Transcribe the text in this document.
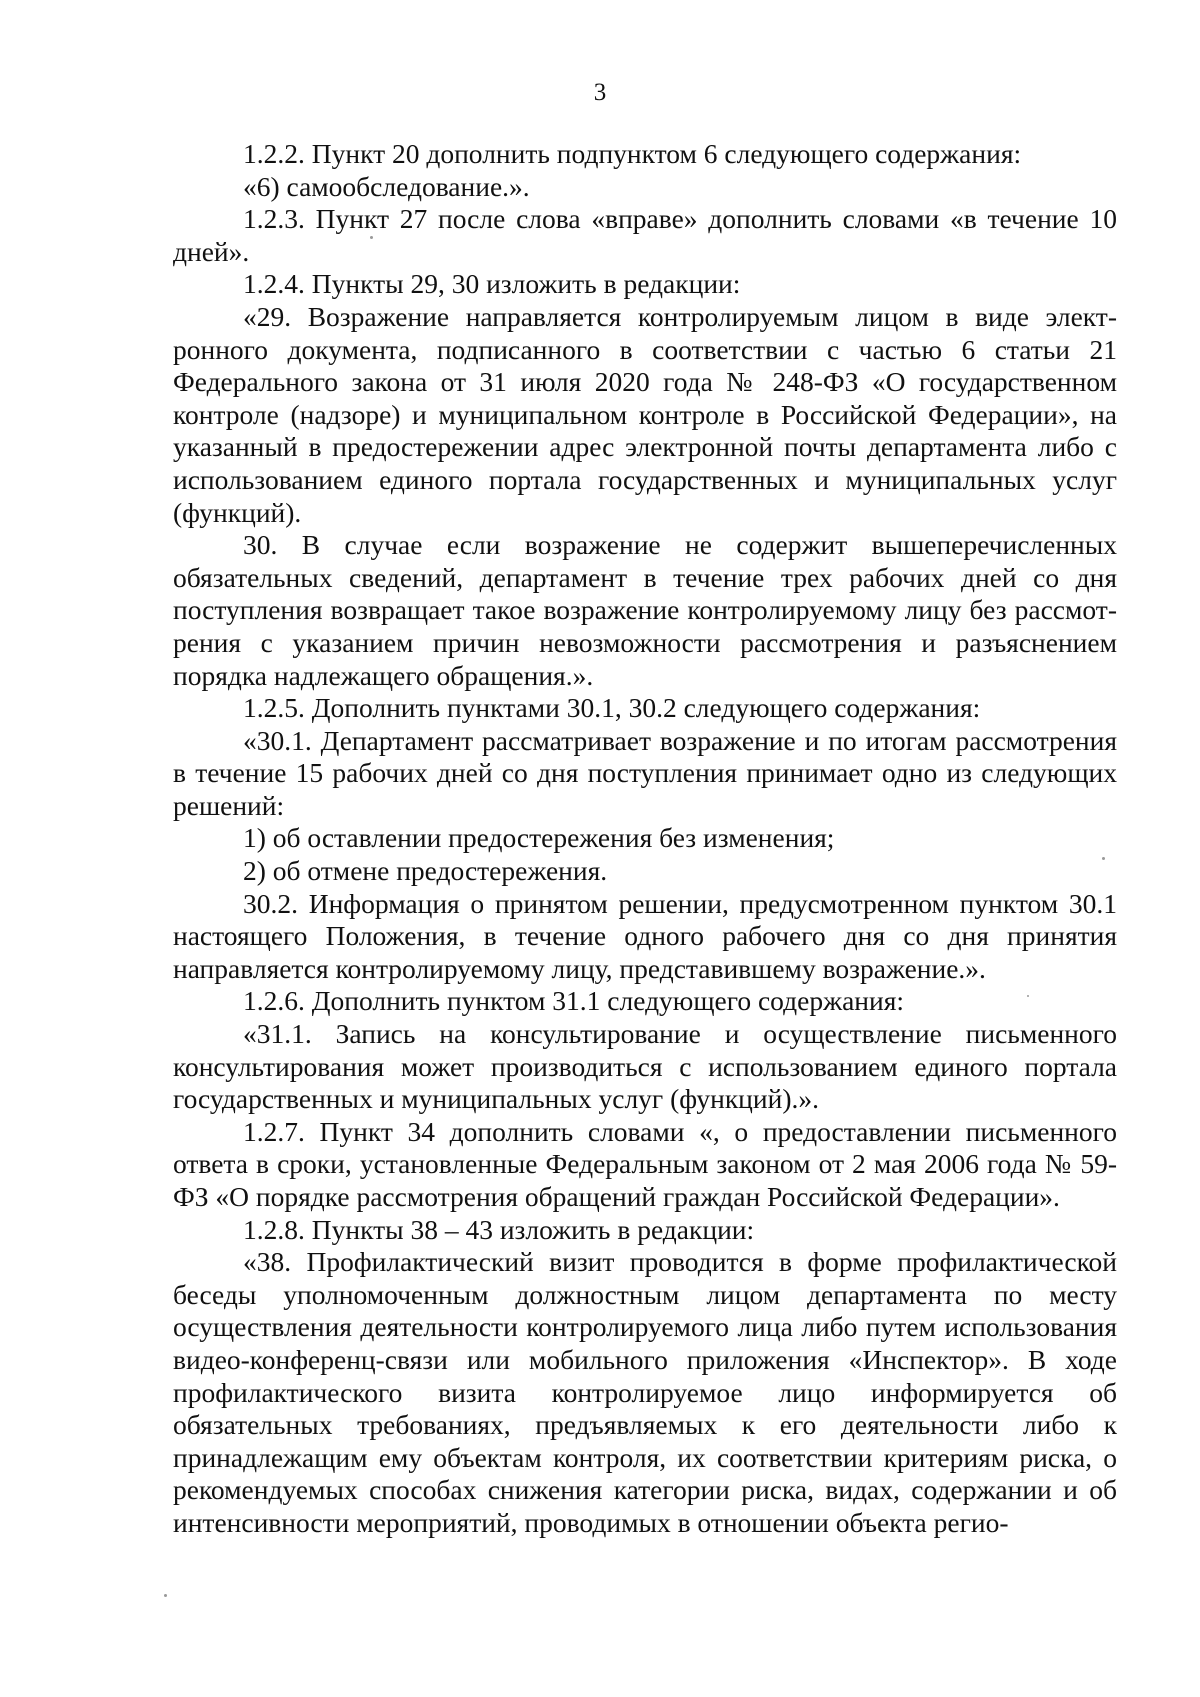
3

1.2.2. Пункт 20 дополнить подпунктом 6 следующего содержания:

«6) самообследование.».

1.2.3. Пункт 27 после слова «вправе» дополнить словами «в течение 10 дней».

1.2.4. Пункты 29, 30 изложить в редакции:

«29. Возражение направляется контролируемым лицом в виде электронного документа, подписанного в соответствии с частью 6 статьи 21 Федерального закона от 31 июля 2020 года № 248-ФЗ «О государственном контроле (надзоре) и муниципальном контроле в Российской Федерации», на указанный в предостережении адрес электронной почты департамента либо с использованием единого портала государственных и муниципальных услуг (функций).

30. В случае если возражение не содержит вышеперечисленных обязательных сведений, департамент в течение трех рабочих дней со дня поступления возвращает такое возражение контролируемому лицу без рассмотрения с указанием причин невозможности рассмотрения и разъяснением порядка надлежащего обращения.».

1.2.5. Дополнить пунктами 30.1, 30.2 следующего содержания:

«30.1. Департамент рассматривает возражение и по итогам рассмотрения в течение 15 рабочих дней со дня поступления принимает одно из следующих решений:

1) об оставлении предостережения без изменения;

2) об отмене предостережения.

30.2. Информация о принятом решении, предусмотренном пунктом 30.1 настоящего Положения, в течение одного рабочего дня со дня принятия направляется контролируемому лицу, представившему возражение.».

1.2.6. Дополнить пунктом 31.1 следующего содержания:

«31.1. Запись на консультирование и осуществление письменного консультирования может производиться с использованием единого портала государственных и муниципальных услуг (функций).».

1.2.7. Пункт 34 дополнить словами «, о предоставлении письменного ответа в сроки, установленные Федеральным законом от 2 мая 2006 года № 59-ФЗ «О порядке рассмотрения обращений граждан Российской Федерации».

1.2.8. Пункты 38 – 43 изложить в редакции:

«38. Профилактический визит проводится в форме профилактической беседы уполномоченным должностным лицом департамента по месту осуществления деятельности контролируемого лица либо путем использования видео-конференц-связи или мобильного приложения «Инспектор». В ходе профилактического визита контролируемое лицо информируется об обязательных требованиях, предъявляемых к его деятельности либо к принадлежащим ему объектам контроля, их соответствии критериям риска, о рекомендуемых способах снижения категории риска, видах, содержании и об интенсивности мероприятий, проводимых в отношении объекта регио-
